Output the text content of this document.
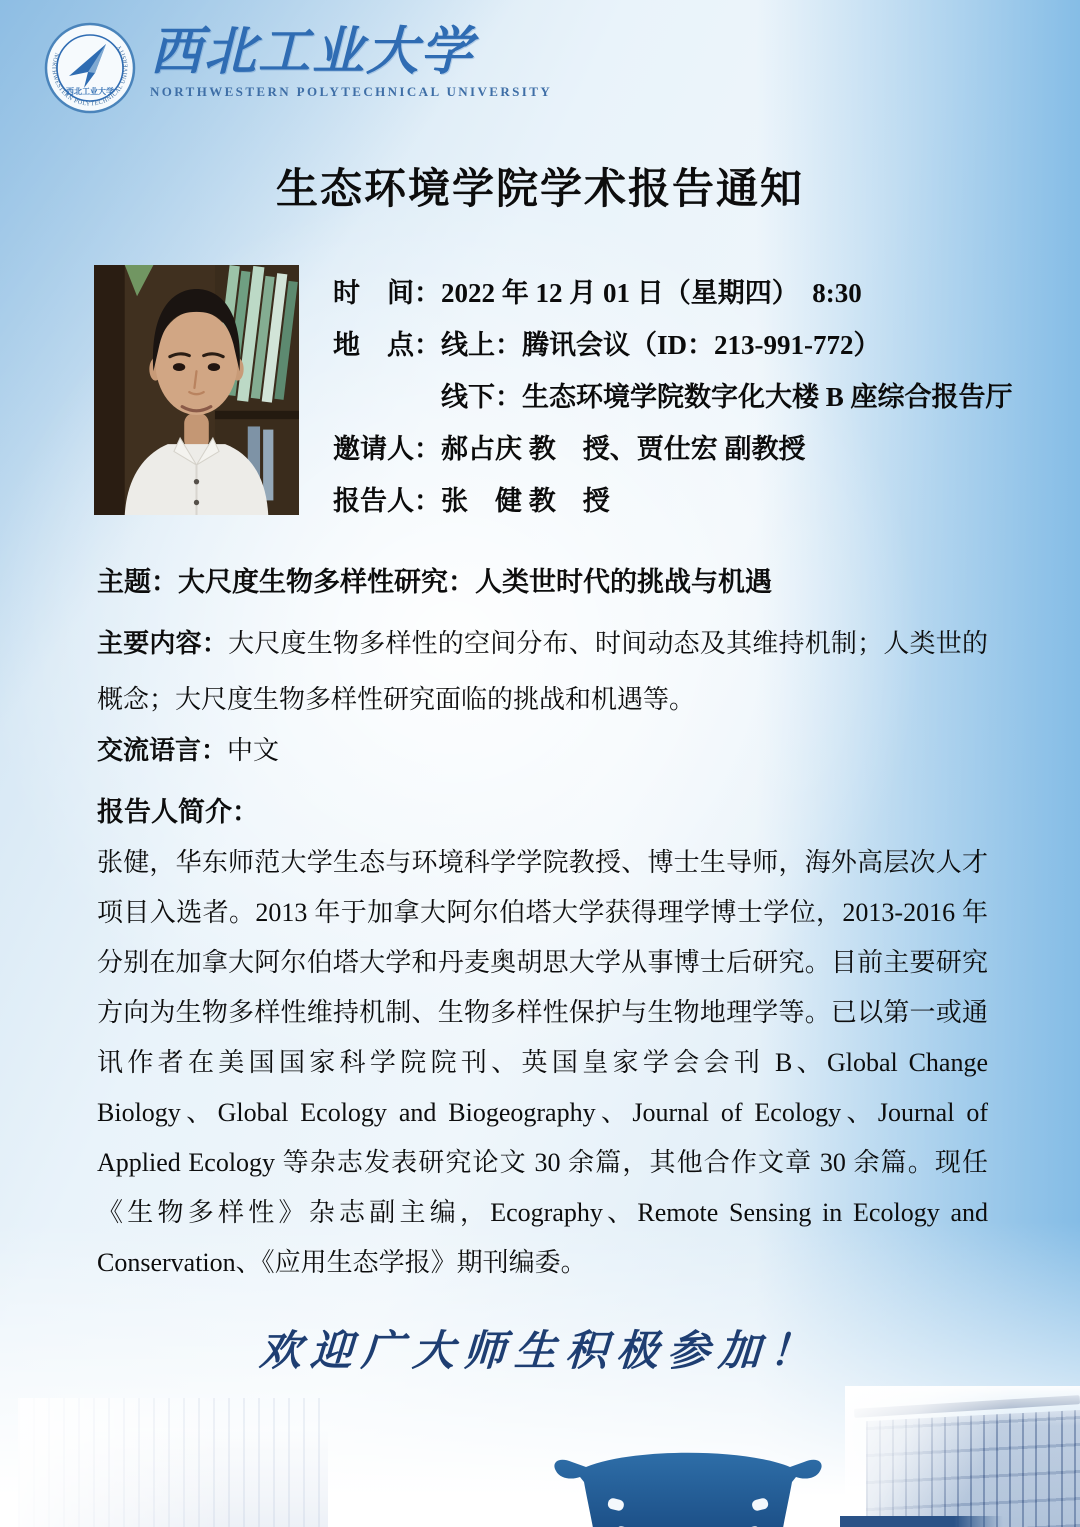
NORTHWESTERN POLYTECHNICAL UNIVERSITY
西北工业大学
西北工业大学
NORTHWESTERN POLYTECHNICAL UNIVERSITY
生态环境学院学术报告通知
时　间：2022 年 12 月 01 日（星期四）  8:30
地　点：线上：腾讯会议（ID：213-991-772）
　　　　线下：生态环境学院数字化大楼 B 座综合报告厅
邀请人：郝占庆 教　授、贾仕宏 副教授
报告人：张　健 教　授
主题：大尺度生物多样性研究：人类世时代的挑战与机遇
主要内容：大尺度生物多样性的空间分布、时间动态及其维持机制；人类世的概念；大尺度生物多样性研究面临的挑战和机遇等。
交流语言：中文
报告人简介：
张健，华东师范大学生态与环境科学学院教授、博士生导师，海外高层次人才项目入选者。2013 年于加拿大阿尔伯塔大学获得理学博士学位，2013-2016 年分别在加拿大阿尔伯塔大学和丹麦奥胡思大学从事博士后研究。目前主要研究方向为生物多样性维持机制、生物多样性保护与生物地理学等。已以第一或通讯作者在美国国家科学院院刊、英国皇家学会会刊 B、Global Change Biology、Global Ecology and Biogeography、Journal of Ecology、Journal of Applied Ecology 等杂志发表研究论文 30 余篇，其他合作文章 30 余篇。现任《生物多样性》杂志副主编，Ecography、Remote Sensing in Ecology and Conservation、《应用生态学报》期刊编委。
欢迎广大师生积极参加！
